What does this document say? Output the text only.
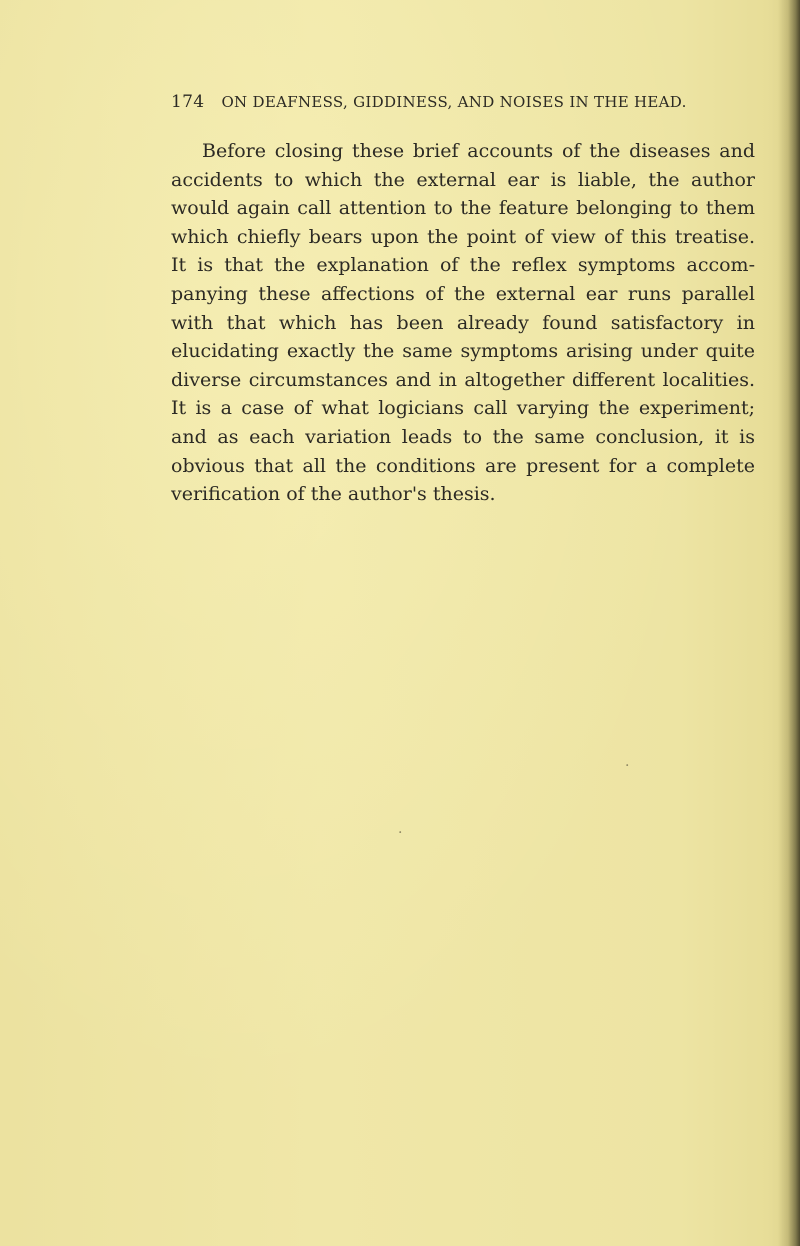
174 ON DEAFNESS, GIDDINESS, AND NOISES IN THE HEAD.
Before closing these brief accounts of the diseases and
accidents to which the external ear is liable, the author
would again call attention to the feature belonging to them
which chiefly bears upon the point of view of this treatise.
It is that the explanation of the reflex symptoms accom-
panying these affections of the external ear runs parallel
with that which has been already found satisfactory in
elucidating exactly the same symptoms arising under quite
diverse circumstances and in altogether different localities.
It is a case of what logicians call varying the experiment;
and as each variation leads to the same conclusion, it is
obvious that all the conditions are present for a complete
verification of the author's thesis.
·
·
